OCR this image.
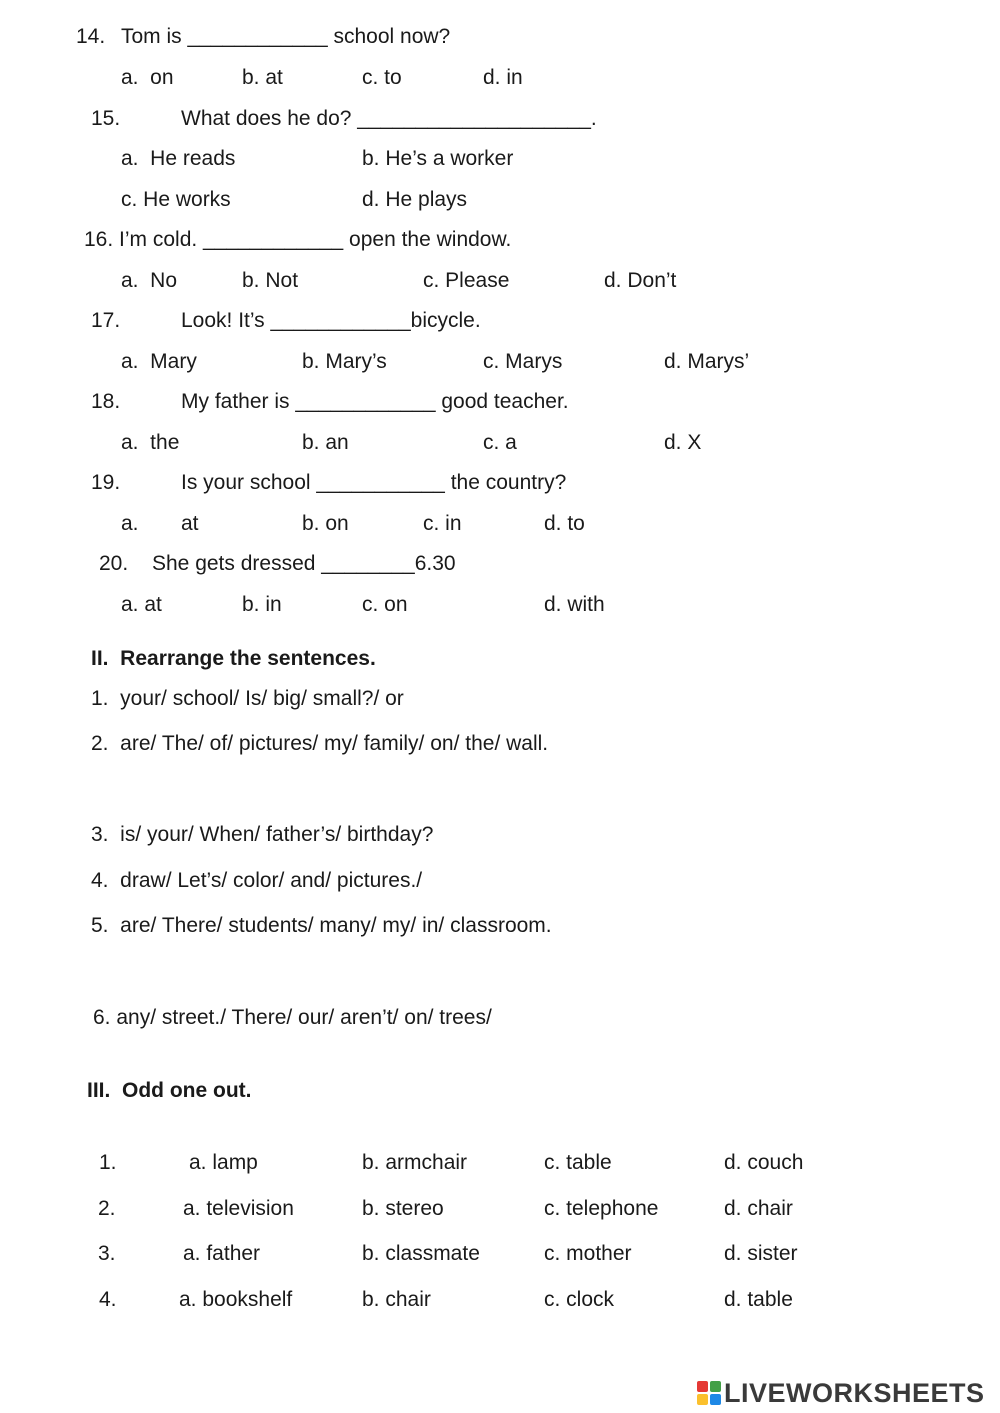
14. Tom is ____________ school now?
a.  on	b. at	c. to	d. in
15.	What does he do? ____________________.
a.  He reads	b. He’s a worker
c. He works	d. He plays
16. I’m cold. ____________ open the window.
a.  No	b. Not	c. Please	d. Don’t
17.	Look! It’s ____________bicycle.
a.  Mary	b. Mary’s	c. Marys	d. Marys’
18.	My father is ____________ good teacher.
a.  the	b. an	c. a	d. X
19.	Is your school ___________ the country?
a. at	b. on	c. in	d. to
20. She gets dressed ________6.30
a. at	b. in	c. on	d. with
II.  Rearrange the sentences.
1.  your/ school/ Is/ big/ small?/ or
2.  are/ The/ of/ pictures/ my/ family/ on/ the/ wall.
3.  is/ your/ When/ father’s/ birthday?
4.  draw/ Let’s/ color/ and/ pictures./
5.  are/ There/ students/ many/ my/ in/ classroom.
6. any/ street./ There/ our/ aren’t/ on/ trees/
III.  Odd one out.
1.	a. lamp	b. armchair	c. table	d. couch
2.	a. television	b. stereo	c. telephone	d. chair
3.	a. father	b. classmate	c. mother	d. sister
4.	a. bookshelf	b. chair	c. clock	d. table
LIVEWORKSHEETS
